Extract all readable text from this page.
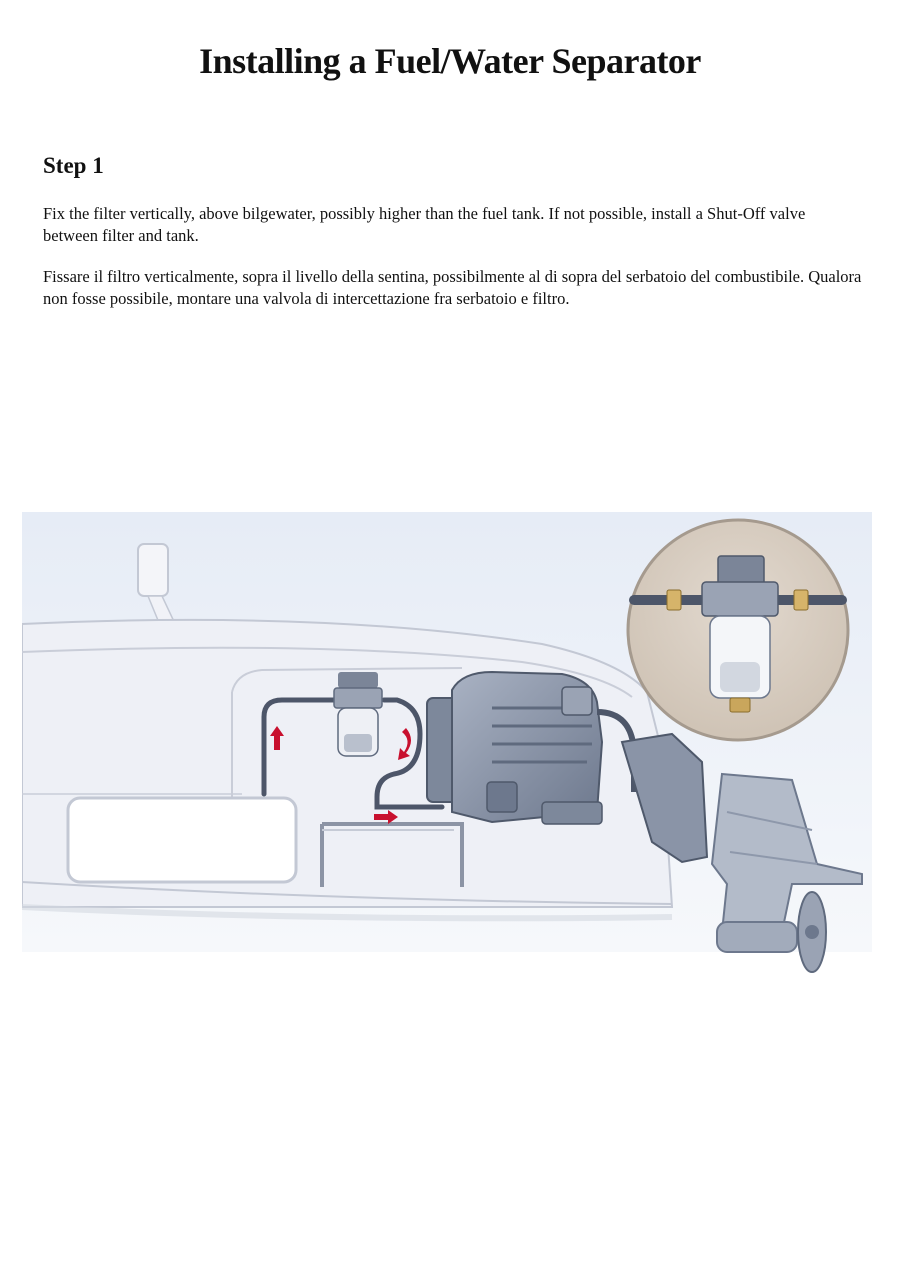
Installing a Fuel/Water Separator
Step 1

Fix the filter vertically, above bilgewater, possibly higher than the fuel tank. If not possible, install a Shut-Off valve between filter and tank.

Fissare il filtro verticalmente, sopra il livello della sentina, possibilmente al di sopra del serbatoio del combustibile. Qualora non fosse possibile, montare una valvola di intercettazione fra serbatoio e filtro.
